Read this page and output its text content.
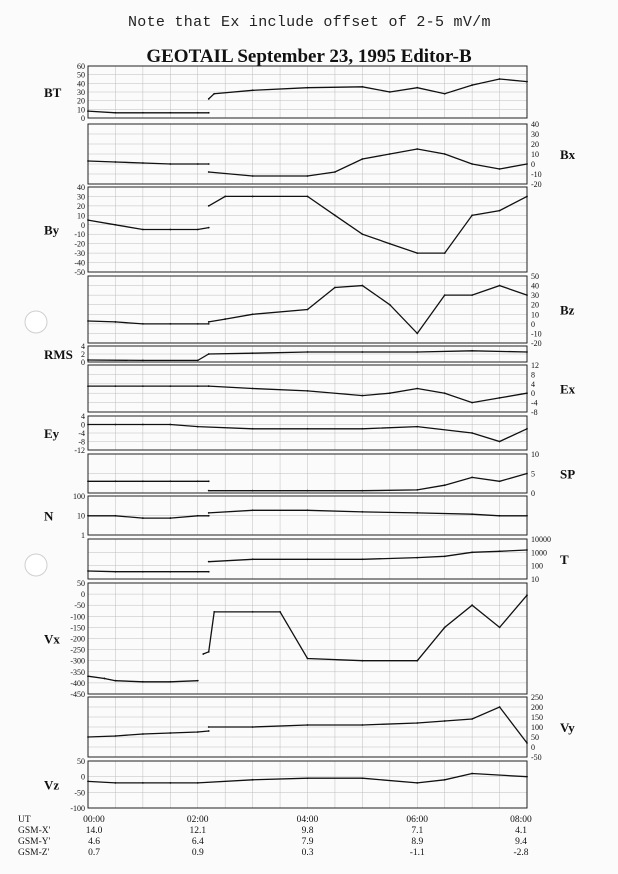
Note that Ex include offset of 2-5 mV/m
GEOTAIL September 23, 1995 Editor-B
60
50
40
30
20
10
0
BT
40
30
20
10
0
-10
-20
Bx
40
30
20
10
0
-10
-20
-30
-40
-50
By
50
40
30
20
10
0
-10
-20
Bz
4
2
0
RMS
12
8
4
0
-4
-8
Ex
4
0
-4
-8
-12
Ey
10
5
0
SP
100
10
1
N
10000
1000
100
10
T
50
0
-50
-100
-150
-200
-250
-300
-350
-400
-450
Vx
250
200
150
100
50
0
-50
Vy
50
0
-50
-100
Vz
UT
GSM-X'
GSM-Y'
GSM-Z'
00:00
14.0
4.6
0.7
02:00
12.1
6.4
0.9
04:00
9.8
7.9
0.3
06:00
7.1
8.9
-1.1
08:00
4.1
9.4
-2.8
